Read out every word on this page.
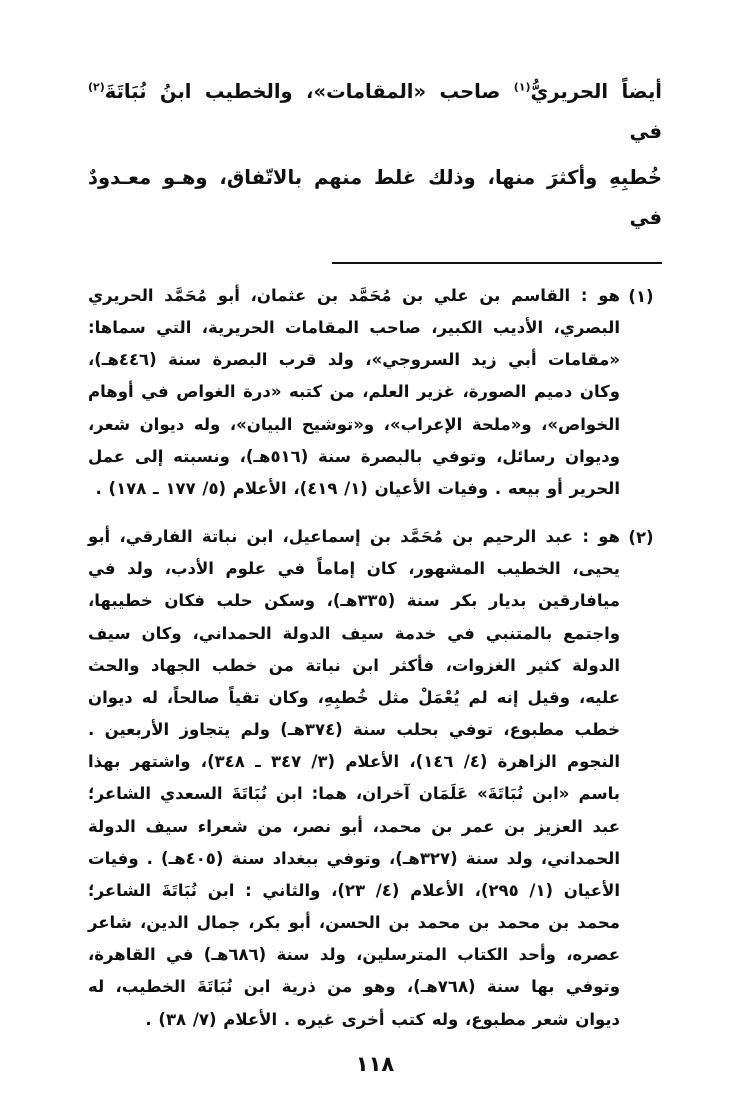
أيضاً الحريريُّ$^{(١)}$ صاحب «المقامات»، والخطيب ابنُ نُبَاتَةَ$^{(٢)}$ في

خُطبِهِ وأكثرَ منها، وذلك غلط منهم بالاتّفاق، وهـو معـدودٌ في

(١)
هو : القاسم بن علي بن مُحَمَّد بن عثمان، أبو مُحَمَّد الحريري البصري، الأديب الكبير، صاحب المقامات الحريرية، التي سماها: «مقامات أبي زيد السروجي»، ولد قرب البصرة سنة (٤٤٦هـ)، وكان دميم الصورة، غزير العلم، من كتبه «درة الغواص في أوهام الخواص»، و«ملحة الإعراب»، و«توشيح البيان»، وله ديوان شعر، وديوان رسائل، وتوفي بالبصرة سنة (٥١٦هـ)، ونسبته إلى عمل الحرير أو بيعه . وفيات الأعيان (١/ ٤١٩)، الأعلام (٥/ ١٧٧ ـ ١٧٨) .
(٢)
هو : عبد الرحيم بن مُحَمَّد بن إسماعيل، ابن نباتة الفارقي، أبو يحيى، الخطيب المشهور، كان إماماً في علوم الأدب، ولد في ميافارقين بديار بكر سنة (٣٣٥هـ)، وسكن حلب فكان خطيبها، واجتمع بالمتنبي في خدمة سيف الدولة الحمداني، وكان سيف الدولة كثير الغزوات، فأكثر ابن نباتة من خطب الجهاد والحث عليه، وقيل إنه لم يُعْمَلْ مثل خُطبِهِ، وكان تقياً صالحاً، له ديوان خطب مطبوع، توفي بحلب سنة (٣٧٤هـ) ولم يتجاوز الأربعين . النجوم الزاهرة (٤/ ١٤٦)، الأعلام (٣/ ٣٤٧ ـ ٣٤٨)، واشتهر بهذا باسم «ابن نُبَاتَةَ» عَلَمَان آخران، هما: ابن نُبَاتَةَ السعدي الشاعر؛ عبد العزيز بن عمر بن محمد، أبو نصر، من شعراء سيف الدولة الحمداني، ولد سنة (٣٢٧هـ)، وتوفي ببغداد سنة (٤٠٥هـ) . وفيات الأعيان (١/ ٢٩٥)، الأعلام (٤/ ٢٣)، والثاني : ابن نُبَاتَةَ الشاعر؛ محمد بن محمد بن محمد بن الحسن، أبو بكر، جمال الدين، شاعر عصره، وأحد الكتاب المترسلين، ولد سنة (٦٨٦هـ) في القاهرة، وتوفي بها سنة (٧٦٨هـ)، وهو من ذرية ابن نُبَاتَةَ الخطيب، له ديوان شعر مطبوع، وله كتب أخرى غيره . الأعلام (٧/ ٣٨) .
١١٨
